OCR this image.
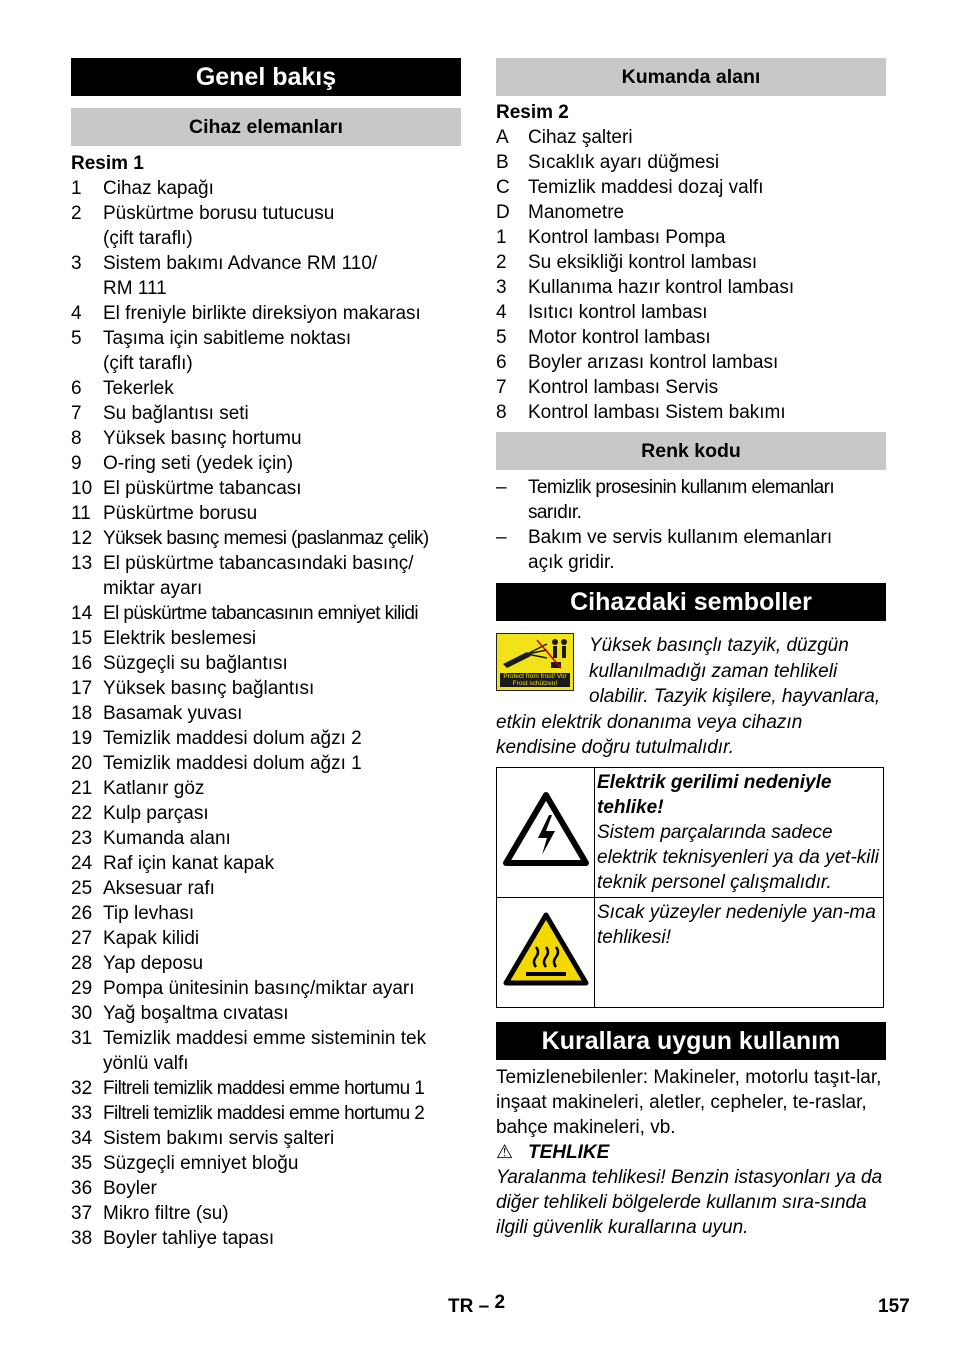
Genel bakış
Cihaz elemanları
Resim 1
1	Cihaz kapağı
2	Püskürtme borusu tutucusu
(çift taraflı)
3	Sistem bakımı Advance RM 110/
RM 111
4	El freniyle birlikte direksiyon makarası
5	Taşıma için sabitleme noktası
(çift taraflı)
6	Tekerlek
7	Su bağlantısı seti
8	Yüksek basınç hortumu
9	O-ring seti (yedek için)
10 El püskürtme tabancası
11 Püskürtme borusu
12 Yüksek basınç memesi (paslanmaz çelik)
13 El püskürtme tabancasındaki basınç/
miktar ayarı
14 El püskürtme tabancasının emniyet kilidi
15 Elektrik beslemesi
16 Süzgeçli su bağlantısı
17 Yüksek basınç bağlantısı
18 Basamak yuvası
19 Temizlik maddesi dolum ağzı 2
20 Temizlik maddesi dolum ağzı 1
21 Katlanır göz
22 Kulp parçası
23 Kumanda alanı
24 Raf için kanat kapak
25 Aksesuar rafı
26 Tip levhası
27 Kapak kilidi
28 Yap deposu
29 Pompa ünitesinin basınç/miktar ayarı
30 Yağ boşaltma cıvatası
31 Temizlik maddesi emme sisteminin tek
yönlü valfı
32 Filtreli temizlik maddesi emme hortumu 1
33 Filtreli temizlik maddesi emme hortumu 2
34 Sistem bakımı servis şalteri
35 Süzgeçli emniyet bloğu
36 Boyler
37 Mikro filtre (su)
38 Boyler tahliye tapası
Kumanda alanı
Resim 2
A	Cihaz şalteri
B	Sıcaklık ayarı düğmesi
C Temizlik maddesi dozaj valfı
D Manometre
1	Kontrol lambası Pompa
2	Su eksikliği kontrol lambası
3	Kullanıma hazır kontrol lambası
4	Isıtıcı kontrol lambası
5	Motor kontrol lambası
6	Boyler arızası kontrol lambası
7	Kontrol lambası Servis
8	Kontrol lambası Sistem bakımı
Renk kodu
–	Temizlik prosesinin kullanım elemanları
sarıdır.
–	Bakım ve servis kullanım elemanları
açık gridir.
Cihazdaki semboller
Protect from frost! Vor Frost schützen!
Yüksek basınçlı tazyik, düzgün kullanılmadığı zaman tehlikeli olabilir. Tazyik kişilere, hayvanlara, etkin elektrik donanıma veya cihazın kendisine doğru tutulmalıdır.

Elektrik gerilimi nedeniyle tehlike!
Sistem parçalarında sadece elektrik teknisyenleri ya da yet-kili teknik personel çalışmalıdır.

Sıcak yüzeyler nedeniyle yan-ma tehlikesi!
Kurallara uygun kullanım
Temizlenebilenler: Makineler, motorlu taşıt-lar, inşaat makineleri, aletler, cepheler, te-raslar, bahçe makineleri, vb.
⚠ TEHLIKE
Yaralanma tehlikesi! Benzin istasyonları ya da diğer tehlikeli bölgelerde kullanım sıra-sında ilgili güvenlik kurallarına uyun.
TR – 2	157
